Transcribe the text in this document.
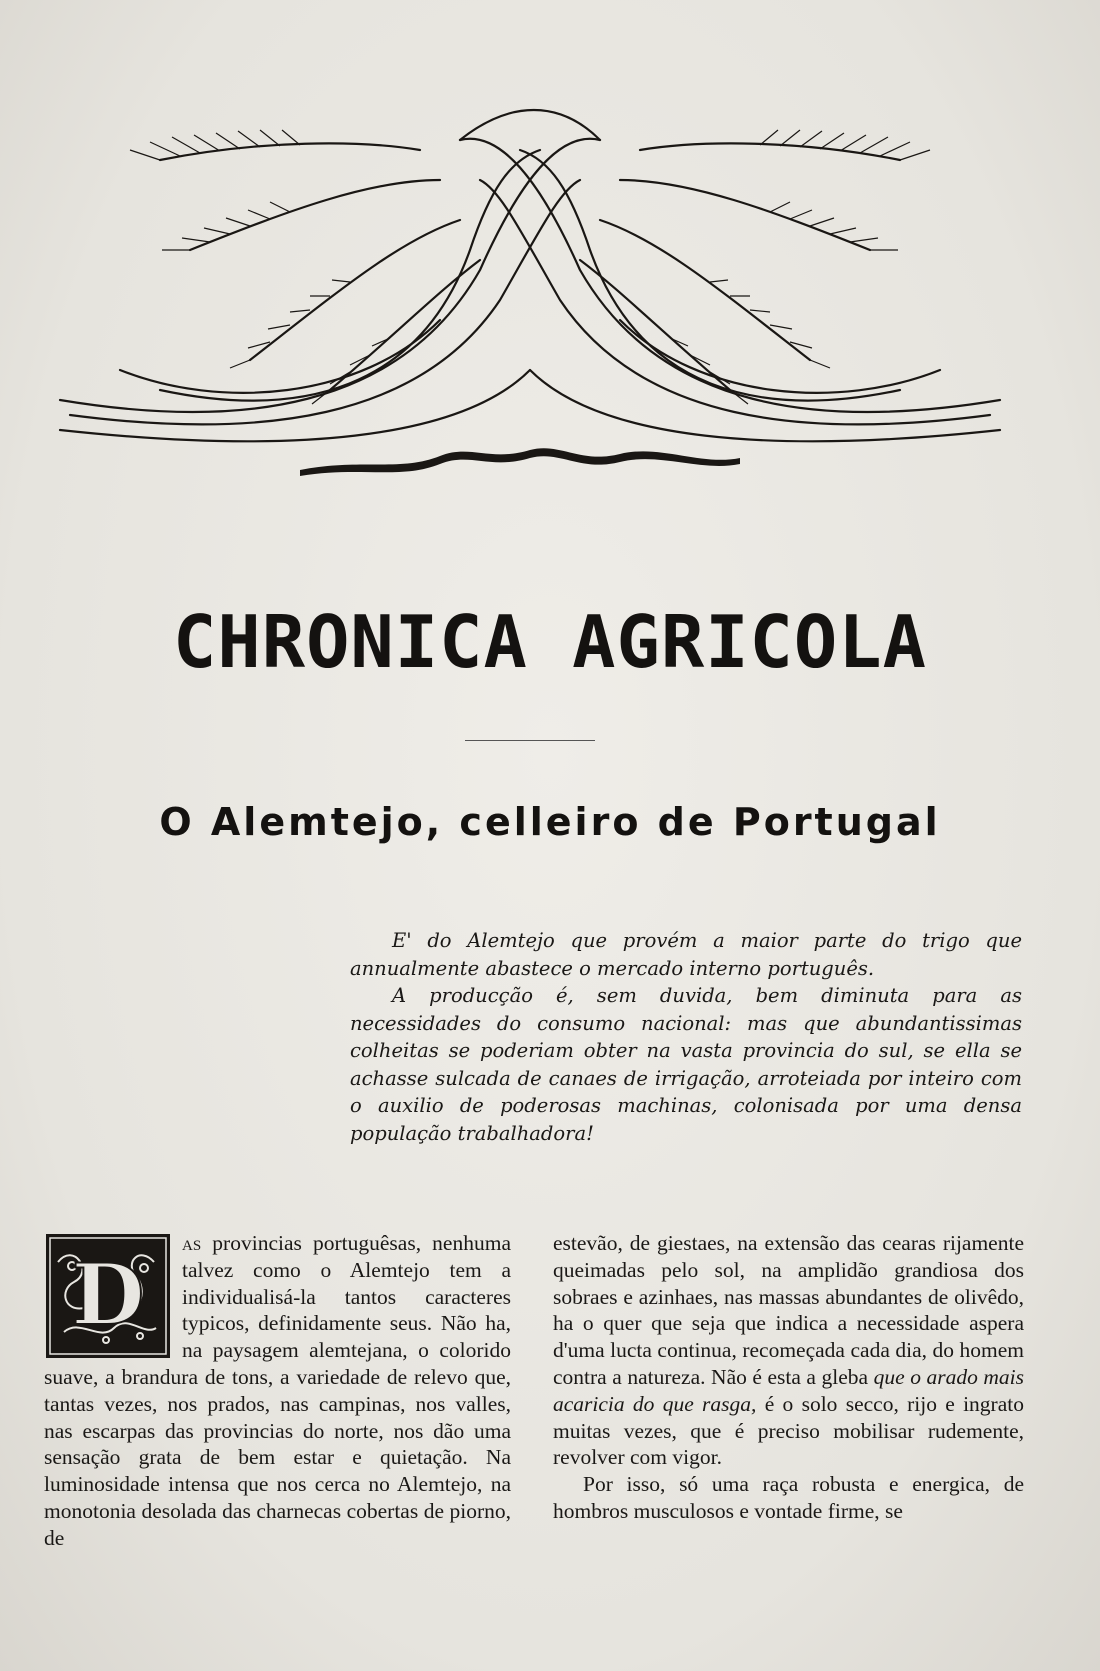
CHRONICA AGRICOLA
O Alemtejo, celleiro de Portugal

E' do Alemtejo que provém a maior parte do trigo que annualmente abastece o mercado interno português.

A producção é, sem duvida, bem diminuta para as necessidades do consumo nacional: mas que abundantissimas colheitas se poderiam obter na vasta provincia do sul, se ella se achasse sulcada de canaes de irrigação, arroteiada por inteiro com o auxilio de poderosas machinas, colonisada por uma densa população trabalhadora!

D
as provincias portuguêsas, nenhuma talvez como o Alemtejo tem a individualisá-la tantos caracteres typicos, definidamente seus. Não ha, na paysagem alemtejana, o colorido suave, a brandura de tons, a variedade de relevo que, tantas vezes, nos prados, nas campinas, nos valles, nas escarpas das provincias do norte, nos dão uma sensação grata de bem estar e quietação. Na luminosidade intensa que nos cerca no Alemtejo, na monotonia desolada das charnecas cobertas de piorno, de

estevão, de giestaes, na extensão das cearas rijamente queimadas pelo sol, na amplidão grandiosa dos sobraes e azinhaes, nas massas abundantes de olivêdo, ha o quer que seja que indica a necessidade aspera d'uma lucta continua, recomeçada cada dia, do homem contra a natureza. Não é esta a gleba que o arado mais acaricia do que rasga, é o solo secco, rijo e ingrato muitas vezes, que é preciso mobilisar rudemente, revolver com vigor.

Por isso, só uma raça robusta e energica, de hombros musculosos e vontade firme, se
